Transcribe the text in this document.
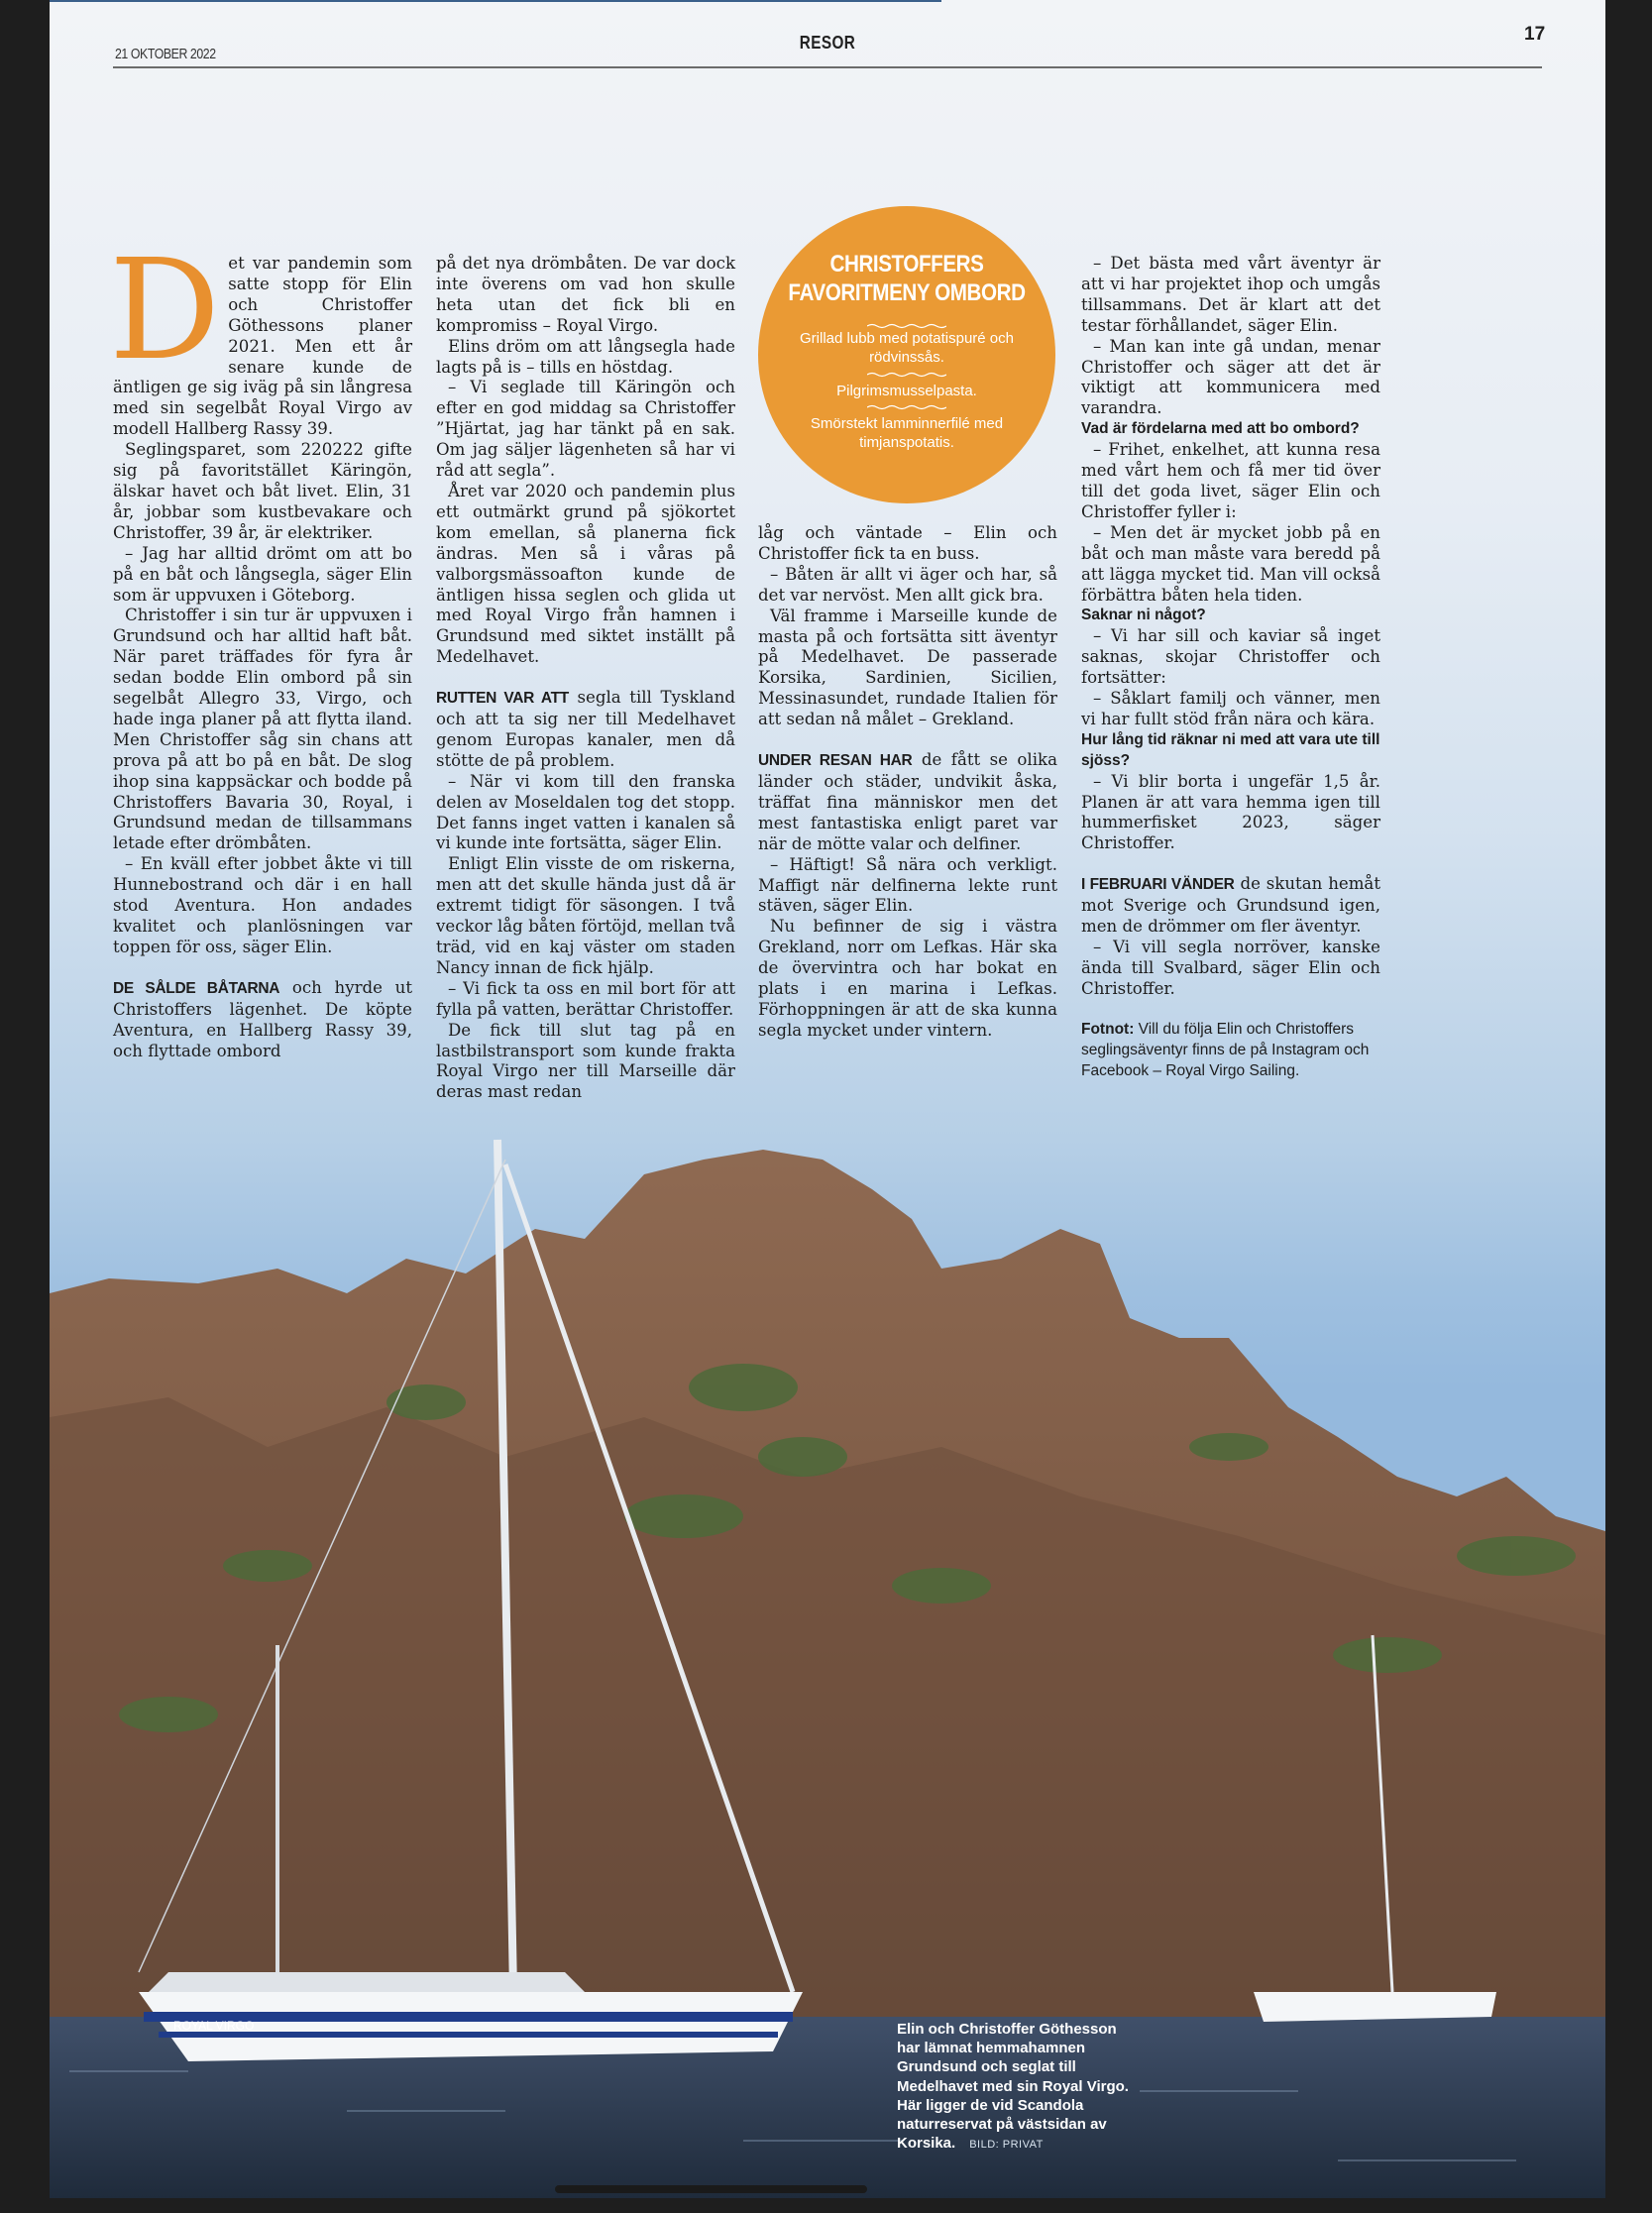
21 OKTOBER 2022
RESOR	17

Det var pandemin som satte stopp för Elin och Christoffer Göthessons planer 2021. Men ett år senare kunde de äntligen ge sig iväg på sin långresa med sin segelbåt Royal Virgo av modell Hallberg Rassy 39.

Seglingsparet, som 220222 gifte sig på favoritstället Käringön, älskar havet och båt livet. Elin, 31 år, jobbar som kustbevakare och Christoffer, 39 år, är elektriker.

– Jag har alltid drömt om att bo på en båt och långsegla, säger Elin som är uppvuxen i Göteborg.

Christoffer i sin tur är uppvuxen i Grundsund och har alltid haft båt. När paret träffades för fyra år sedan bodde Elin ombord på sin segelbåt Allegro 33, Virgo, och hade inga planer på att flytta iland. Men Christoffer såg sin chans att prova på att bo på en båt. De slog ihop sina kappsäckar och bodde på Christoffers Bavaria 30, Royal, i Grundsund medan de tillsammans letade efter drömbåten.

– En kväll efter jobbet åkte vi till Hunnebostrand och där i en hall stod Aventura. Hon andades kvalitet och planlösningen var toppen för oss, säger Elin.

DE SÅLDE BÅTARNA och hyrde ut Christoffers lägenhet. De köpte Aventura, en Hallberg Rassy 39, och flyttade ombord

på det nya drömbåten. De var dock inte överens om vad hon skulle heta utan det fick bli en kompromiss – Royal Virgo.

Elins dröm om att långsegla hade lagts på is – tills en höstdag.

– Vi seglade till Käringön och efter en god middag sa Christoffer ”Hjärtat, jag har tänkt på en sak. Om jag säljer lägenheten så har vi råd att segla”.

Året var 2020 och pandemin plus ett outmärkt grund på sjökortet kom emellan, så planerna fick ändras. Men så i våras på valborgsmässoafton kunde de äntligen hissa seglen och glida ut med Royal Virgo från hamnen i Grundsund med siktet inställt på Medelhavet.

RUTTEN VAR ATT segla till Tyskland och att ta sig ner till Medelhavet genom Europas kanaler, men då stötte de på problem.

– När vi kom till den franska delen av Moseldalen tog det stopp. Det fanns inget vatten i kanalen så vi kunde inte fortsätta, säger Elin.

Enligt Elin visste de om riskerna, men att det skulle hända just då är extremt tidigt för säsongen. I två veckor låg båten förtöjd, mellan två träd, vid en kaj väster om staden Nancy innan de fick hjälp.

– Vi fick ta oss en mil bort för att fylla på vatten, berättar Christoffer.

De fick till slut tag på en lastbilstransport som kunde frakta Royal Virgo ner till Marseille där deras mast redan

CHRISTOFFERS
FAVORITMENY OMBORD
Grillad lubb med potatispuré och rödvinssås.
Pilgrimsmusselpasta.
Smörstekt lamminnerfilé med timjanspotatis.

låg och väntade – Elin och Christoffer fick ta en buss.

– Båten är allt vi äger och har, så det var nervöst. Men allt gick bra.

Väl framme i Marseille kunde de masta på och fortsätta sitt äventyr på Medelhavet. De passerade Korsika, Sardinien, Sicilien, Messinasundet, rundade Italien för att sedan nå målet – Grekland.

UNDER RESAN HAR de fått se olika länder och städer, undvikit åska, träffat fina människor men det mest fantastiska enligt paret var när de mötte valar och delfiner.

– Häftigt! Så nära och verkligt. Maffigt när delfinerna lekte runt stäven, säger Elin.

Nu befinner de sig i västra Grekland, norr om Lefkas. Här ska de övervintra och har bokat en plats i en marina i Lefkas. Förhoppningen är att de ska kunna segla mycket under vintern.

– Det bästa med vårt äventyr är att vi har projektet ihop och umgås tillsammans. Det är klart att det testar förhållandet, säger Elin.

– Man kan inte gå undan, menar Christoffer och säger att det är viktigt att kommunicera med varandra.

Vad är fördelarna med att bo ombord?

– Frihet, enkelhet, att kunna resa med vårt hem och få mer tid över till det goda livet, säger Elin och Christoffer fyller i:

– Men det är mycket jobb på en båt och man måste vara beredd på att lägga mycket tid. Man vill också förbättra båten hela tiden.

Saknar ni något?

– Vi har sill och kaviar så inget saknas, skojar Christoffer och fortsätter:

– Såklart familj och vänner, men vi har fullt stöd från nära och kära.

Hur lång tid räknar ni med att vara ute till sjöss?

– Vi blir borta i ungefär 1,5 år. Planen är att vara hemma igen till hummerfisket 2023, säger Christoffer.

I FEBRUARI VÄNDER de skutan hemåt mot Sverige och Grundsund igen, men de drömmer om fler äventyr.

– Vi vill segla norröver, kanske ända till Svalbard, säger Elin och Christoffer.

Fotnot: Vill du följa Elin och Christoffers seglingsäventyr finns de på Instagram och Facebook – Royal Virgo Sailing.

ROYAL VIRGO	Elin och Christoffer Göthesson har lämnat hemmahamnen Grundsund och seglat till Medelhavet med sin Royal Virgo. Här ligger de vid Scandola naturreservat på västsidan av Korsika. BILD: PRIVAT
